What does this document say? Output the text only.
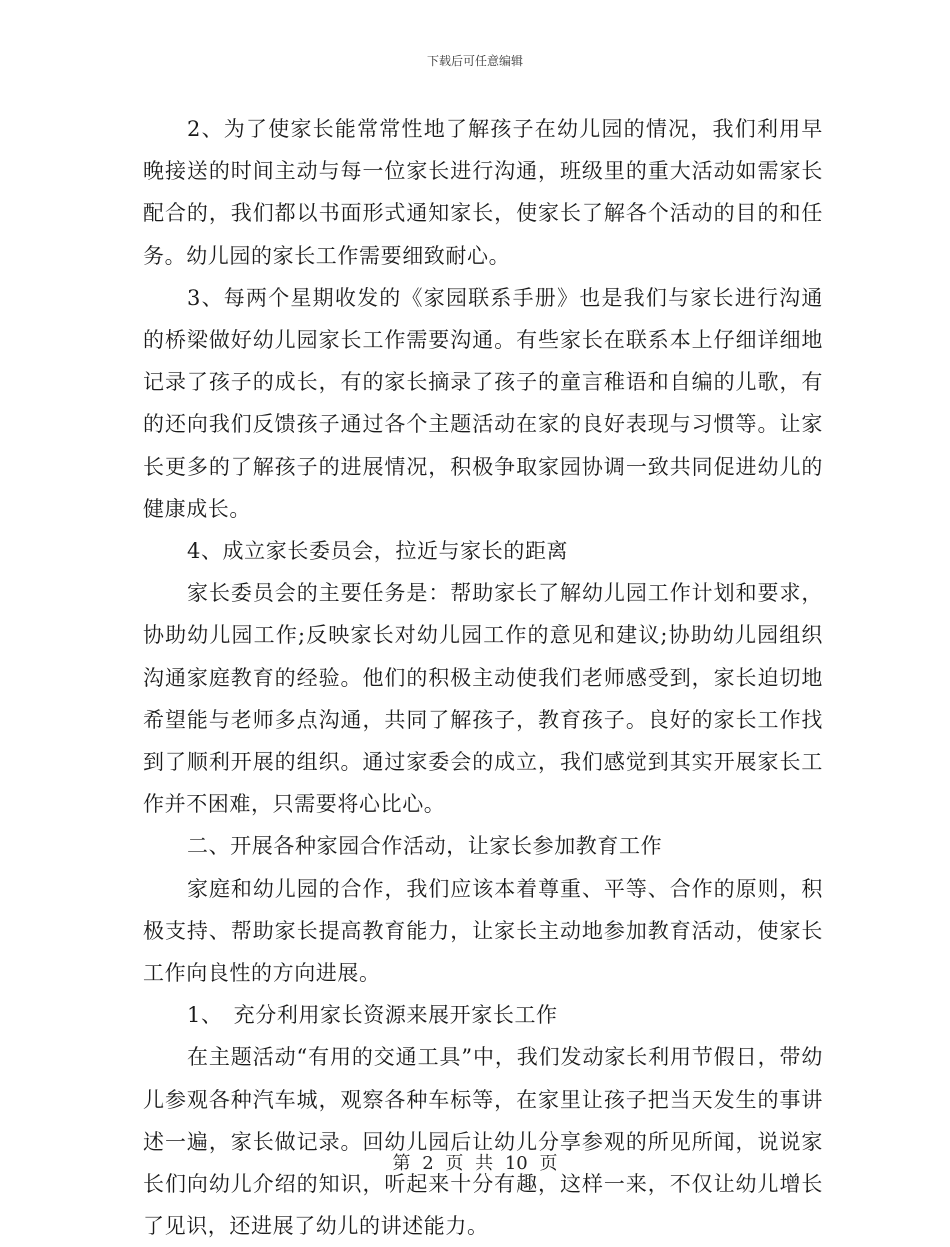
下载后可任意编辑

2、为了使家长能常常性地了解孩子在幼儿园的情况，我们利用早晚接送的时间主动与每一位家长进行沟通，班级里的重大活动如需家长配合的，我们都以书面形式通知家长，使家长了解各个活动的目的和任务。幼儿园的家长工作需要细致耐心。

3、每两个星期收发的《家园联系手册》也是我们与家长进行沟通的桥梁做好幼儿园家长工作需要沟通。有些家长在联系本上仔细详细地记录了孩子的成长，有的家长摘录了孩子的童言稚语和自编的儿歌，有的还向我们反馈孩子通过各个主题活动在家的良好表现与习惯等。让家长更多的了解孩子的进展情况，积极争取家园协调一致共同促进幼儿的健康成长。

4、成立家长委员会，拉近与家长的距离

家长委员会的主要任务是：帮助家长了解幼儿园工作计划和要求，协助幼儿园工作;反映家长对幼儿园工作的意见和建议;协助幼儿园组织沟通家庭教育的经验。他们的积极主动使我们老师感受到，家长迫切地希望能与老师多点沟通，共同了解孩子，教育孩子。良好的家长工作找到了顺利开展的组织。通过家委会的成立，我们感觉到其实开展家长工作并不困难，只需要将心比心。

二、开展各种家园合作活动，让家长参加教育工作

家庭和幼儿园的合作，我们应该本着尊重、平等、合作的原则，积极支持、帮助家长提高教育能力，让家长主动地参加教育活动，使家长工作向良性的方向进展。

1、　充分利用家长资源来展开家长工作

在主题活动“有用的交通工具”中，我们发动家长利用节假日，带幼儿参观各种汽车城，观察各种车标等，在家里让孩子把当天发生的事讲述一遍，家长做记录。回幼儿园后让幼儿分享参观的所见所闻，说说家长们向幼儿介绍的知识，听起来十分有趣，这样一来，不仅让幼儿增长了见识，还进展了幼儿的讲述能力。

第 2 页 共 10 页
